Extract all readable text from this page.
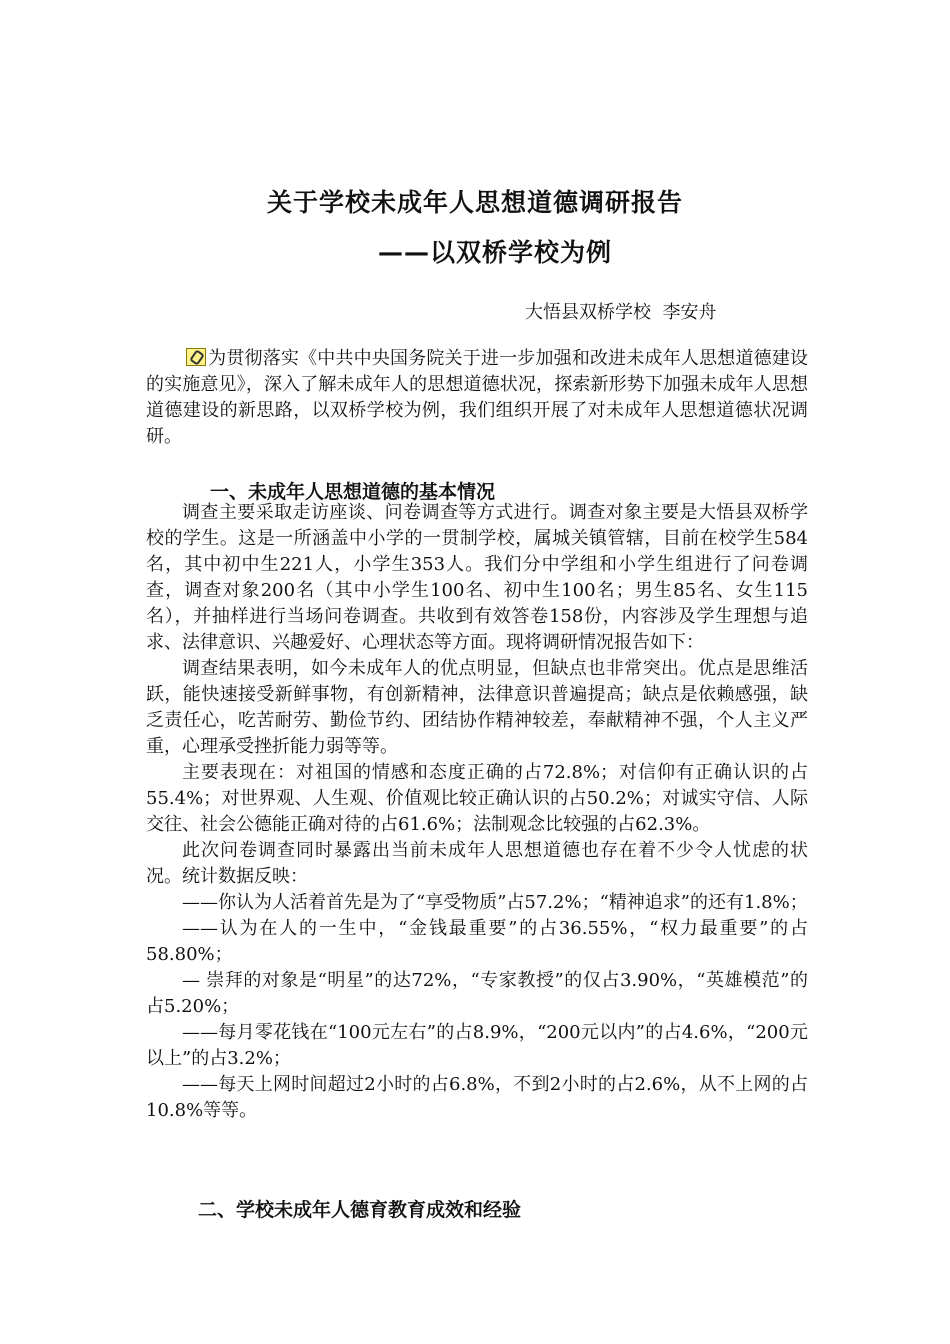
关于学校未成年人思想道德调研报告
——以双桥学校为例
大悟县双桥学校  李安舟

为贯彻落实《中共中央国务院关于进一步加强和改进未成年人思想道德建设的实施意见》，深入了解未成年人的思想道德状况，探索新形势下加强未成年人思想道德建设的新思路，以双桥学校为例，我们组织开展了对未成年人思想道德状况调研。

一、未成年人思想道德的基本情况

调查主要采取走访座谈、问卷调查等方式进行。调查对象主要是大悟县双桥学校的学生。这是一所涵盖中小学的一贯制学校，属城关镇管辖，目前在校学生584名，其中初中生221人，小学生353人。我们分中学组和小学生组进行了问卷调查，调查对象200名（其中小学生100名、初中生100名；男生85名、女生115名），并抽样进行当场问卷调查。共收到有效答卷158份，内容涉及学生理想与追求、法律意识、兴趣爱好、心理状态等方面。现将调研情况报告如下：

调查结果表明，如今未成年人的优点明显，但缺点也非常突出。优点是思维活跃，能快速接受新鲜事物，有创新精神，法律意识普遍提高；缺点是依赖感强，缺乏责任心，吃苦耐劳、勤俭节约、团结协作精神较差，奉献精神不强，个人主义严重，心理承受挫折能力弱等等。

主要表现在：对祖国的情感和态度正确的占72.8%；对信仰有正确认识的占55.4%；对世界观、人生观、价值观比较正确认识的占50.2%；对诚实守信、人际交往、社会公德能正确对待的占61.6%；法制观念比较强的占62.3%。

此次问卷调查同时暴露出当前未成年人思想道德也存在着不少令人忧虑的状况。统计数据反映：

——你认为人活着首先是为了“享受物质”占57.2%；“精神追求”的还有1.8%；

——认为在人的一生中，“金钱最重要”的占36.55%，“权力最重要”的占58.80%；

— 崇拜的对象是“明星”的达72%，“专家教授”的仅占3.90%，“英雄模范”的占5.20%；

——每月零花钱在“100元左右”的占8.9%，“200元以内”的占4.6%，“200元以上”的占3.2%；

——每天上网时间超过2小时的占6.8%，不到2小时的占2.6%，从不上网的占10.8%等等。

二、学校未成年人德育教育成效和经验
